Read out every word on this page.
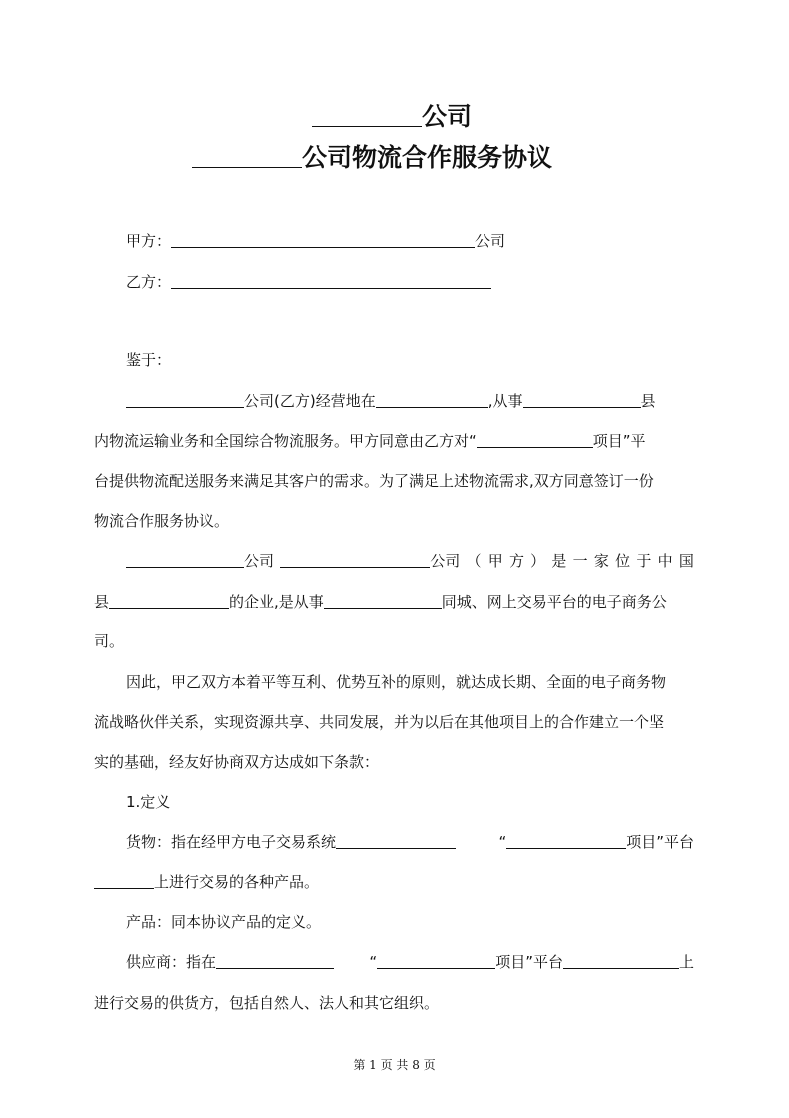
公司
公司物流合作服务协议
甲方：	公司
乙方：
鉴于：
公司(乙方)经营地在	,从事	县
内物流运输业务和全国综合物流服务。甲方同意由乙方对“	项目”平
台提供物流配送服务来满足其客户的需求。为了满足上述物流需求,双方同意签订一份
物流合作服务协议。
公司	公司 （ 甲 方 ） 是 一 家 位 于 中 国
县	的企业,是从事	同城、网上交易平台的电子商务公
司。
因此，甲乙双方本着平等互利、优势互补的原则，就达成长期、全面的电子商务物
流战略伙伴关系，实现资源共享、共同发展，并为以后在其他项目上的合作建立一个坚
实的基础，经友好协商双方达成如下条款：
1.定义
货物：指在经甲方电子交易系统	“	项目”平台
上进行交易的各种产品。
产品：同本协议产品的定义。
供应商：指在	“	项目”平台	上
进行交易的供货方，包括自然人、法人和其它组织。
第 1 页 共 8 页
